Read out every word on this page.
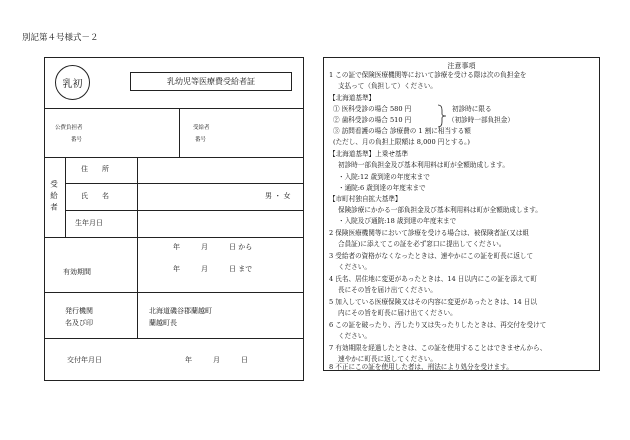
別記第４号様式－２
乳初	乳幼児等医療費受給者証
公費負担者
番号
受給者
番号
受給者
住　　所
氏　　名	男 ・ 女
生年月日
有効期間
年　　　月　　　日 から
年　　　月　　　日 まで
発行機関
名及び印
北海道磯谷郡蘭越町
蘭越町長
交付年月日	年　　　月　　　日
注意事項
1 この証で保険医療機関等において診療を受ける際は次の負担金を
支払って（負担して）ください。
【北海道基準】
① 医科受診の場合 580 円
② 歯科受診の場合 510 円
③ 訪問看護の場合 診療費の 1 割に相当する額
(ただし、月の負担上限額は 8,000 円とする。)
【北海道基準】上乗せ基準
初診時一部負担金及び基本利用料は町が全額助成します。
・入院:12 歳到達の年度末まで
・通院:6 歳到達の年度末まで
【市町村独自拡大基準】
保険診療にかかる一部負担金及び基本利用料は町が全額助成します。
・入院及び通院:18 歳到達の年度末まで
2 保険医療機関等において診療を受ける場合は、被保険者証(又は組
合員証)に添えてこの証を必ず窓口に提出してください。
3 受給者の資格がなくなったときは、速やかにこの証を町長に返して
ください。
4 氏名、居住地に変更があったときは、14 日以内にこの証を添えて町
長にその旨を届け出てください。
5 加入している医療保険又はその内容に変更があったときは、14 日以
内にその旨を町長に届け出てください。
6 この証を破ったり、汚したり又は失ったりしたときは、再交付を受けて
ください。
7 有効期限を経過したときは、この証を使用することはできませんから、
速やかに町長に返してください。
8 不正にこの証を使用した者は、刑法により処分を受けます。
初診時に限る
（初診時一部負担金）
